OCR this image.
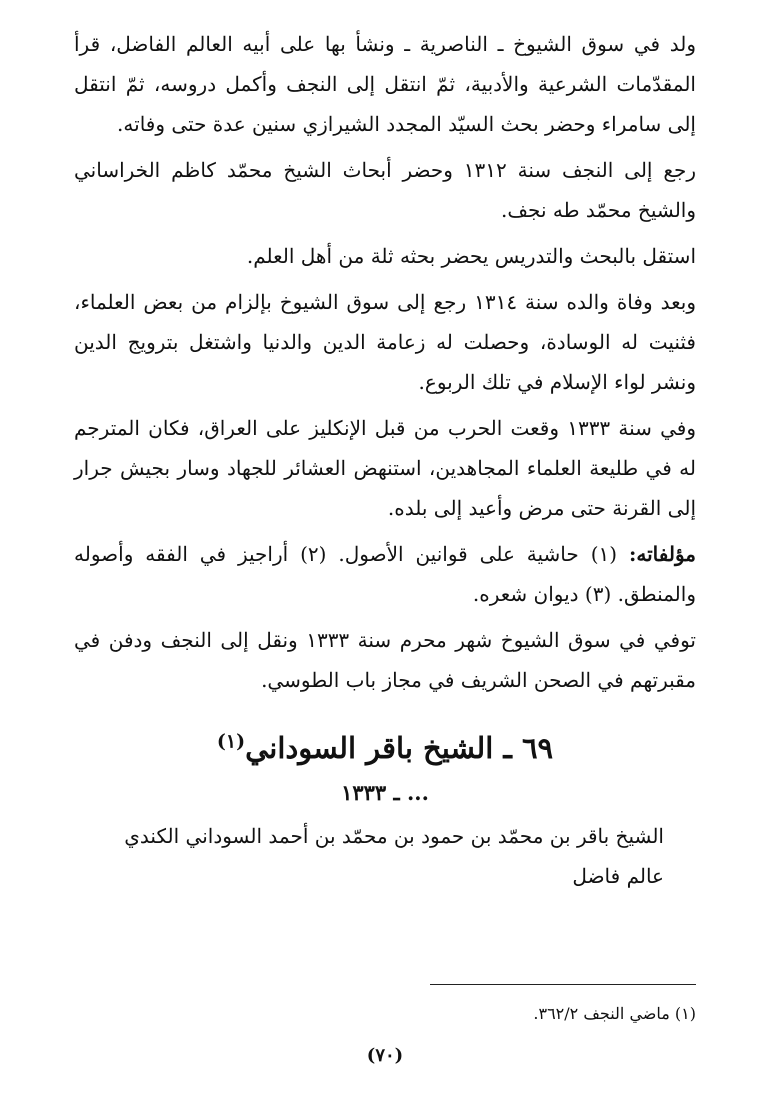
ولد في سوق الشيوخ ـ الناصرية ـ ونشأ بها على أبيه العالم الفاضل، قرأ المقدّمات الشرعية والأدبية، ثمّ انتقل إلى النجف وأكمل دروسه، ثمّ انتقل إلى سامراء وحضر بحث السيّد المجدد الشيرازي سنين عدة حتى وفاته.

رجع إلى النجف سنة ١٣١٢ وحضر أبحاث الشيخ محمّد كاظم الخراساني والشيخ محمّد طه نجف.

استقل بالبحث والتدريس يحضر بحثه ثلة من أهل العلم.

وبعد وفاة والده سنة ١٣١٤ رجع إلى سوق الشيوخ بإلزام من بعض العلماء، فثنيت له الوسادة، وحصلت له زعامة الدين والدنيا واشتغل بترويج الدين ونشر لواء الإسلام في تلك الربوع.

وفي سنة ١٣٣٣ وقعت الحرب من قبل الإنكليز على العراق، فكان المترجم له في طليعة العلماء المجاهدين، استنهض العشائر للجهاد وسار بجيش جرار إلى القرنة حتى مرض وأعيد إلى بلده.

مؤلفاته: (١) حاشية على قوانين الأصول. (٢) أراجيز في الفقه وأصوله والمنطق. (٣) ديوان شعره.

توفي في سوق الشيوخ شهر محرم سنة ١٣٣٣ ونقل إلى النجف ودفن في مقبرتهم في الصحن الشريف في مجاز باب الطوسي.

٦٩ ـ الشيخ باقر السوداني$^{(١)}$
... ـ ١٣٣٣

الشيخ باقر بن محمّد بن حمود بن محمّد بن أحمد السوداني الكندي

عالم فاضل

(١) ماضي النجف ٣٦٢/٢.
(٧٠)
